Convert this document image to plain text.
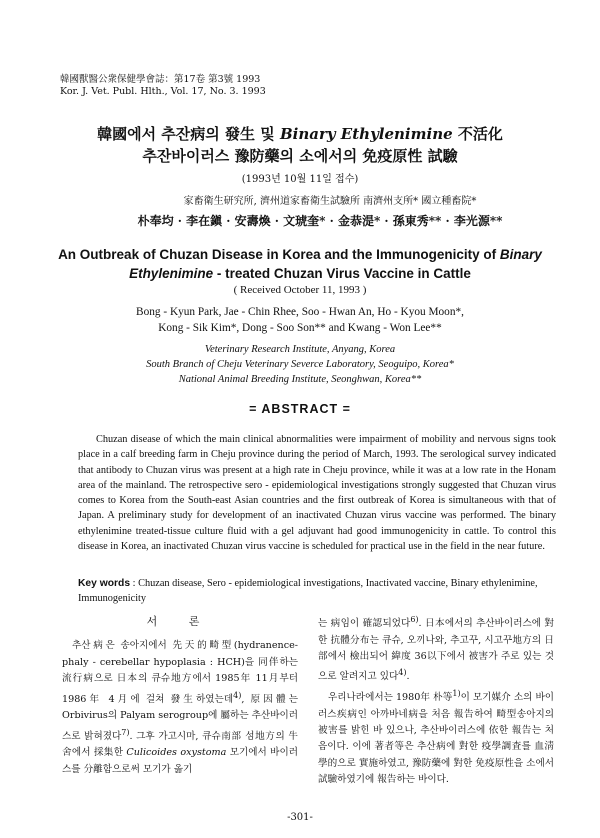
韓國獸醫公衆保健學會誌：第17卷 第3號 1993
Kor. J. Vet. Publ. Hlth., Vol. 17, No. 3. 1993
韓國에서 추잔病의 發生 및 Binary Ethylenimine 不活化
추잔바이러스 豫防藥의 소에서의 免疫原性 試驗
(1993년 10월 11일 접수)
家畜衛生研究所, 濟州道家畜衛生試驗所 南濟州支所* 國立種畜院*
朴奉均 · 李在鎭 · 安壽煥 · 文琥奎* · 金恭湜* · 孫東秀** · 李光源**
An Outbreak of Chuzan Disease in Korea and the Immunogenicity of Binary
Ethylenimine - treated Chuzan Virus Vaccine in Cattle
( Received October 11, 1993 )
Bong - Kyun Park, Jae - Chin Rhee, Soo - Hwan An, Ho - Kyou Moon*,
Kong - Sik Kim*, Dong - Soo Son** and Kwang - Won Lee**
Veterinary Research Institute, Anyang, Korea
South Branch of Cheju Veterinary Severce Laboratory, Seoguipo, Korea*
National Animal Breeding Institute, Seonghwan, Korea**
= ABSTRACT =
Chuzan disease of which the main clinical abnormalities were impairment of mobility and nervous signs took place in a calf breeding farm in Cheju province during the period of March, 1993. The serological survey indicated that antibody to Chuzan virus was present at a high rate in Cheju province, while it was at a low rate in the Honam area of the mainland. The retrospective sero - epidemiological investigations strongly suggested that Chuzan virus comes to Korea from the South-east Asian countries and the first outbreak of Korea is simultaneous with that of Japan. A preliminary study for development of an inactivated Chuzan virus vaccine was performed. The binary ethylenimine treated-tissue culture fluid with a gel adjuvant had good immunogenicity in cattle. To control this disease in Korea, an inactivated Chuzan virus vaccine is scheduled for practical use in the field in the near future.
Key words : Chuzan disease, Sero - epidemiological investigations, Inactivated vaccine, Binary ethylenimine, Immunogenicity
서 론

추산病은 송아지에서 先天的畸型(hydranence-phaly - cerebellar hypoplasia : HCH)을 同伴하는 流行病으로 日本의 큐슈地方에서 1985年 11月부터 1986年 4月에 걸쳐 發生하였는데$^{4)}$, 原因體는 Orbivirus의 Palyam serogroup에 屬하는 추산바이러스로 밝혀졌다$^{7)}$. 그후 가고시마, 큐슈南部 섬地方의 牛舍에서 採集한 Culicoides oxystoma 모기에서 바이러스를 分離함으로써 모기가 옮기

는 病임이 確認되었다$^{6)}$. 日本에서의 추산바이러스에 對한 抗體分布는 큐슈, 오끼나와, 추고꾸, 시고꾸地方의 日部에서 檢出되어 緯度 36以下에서 被害가 주로 있는 것으로 알려지고 있다$^{4)}$.

우리나라에서는 1980年 朴等$^{1)}$이 모기媒介 소의 바이러스疾病인 아까바네病을 처음 報告하여 畸型송아지의 被害를 밝힌 바 있으나, 추산바이러스에 依한 報告는 처음이다. 이에 著者等은 추산病에 對한 疫學調査를 血淸學的으로 實施하였고, 豫防藥에 對한 免疫原性을 소에서 試驗하였기에 報告하는 바이다.

-301-
